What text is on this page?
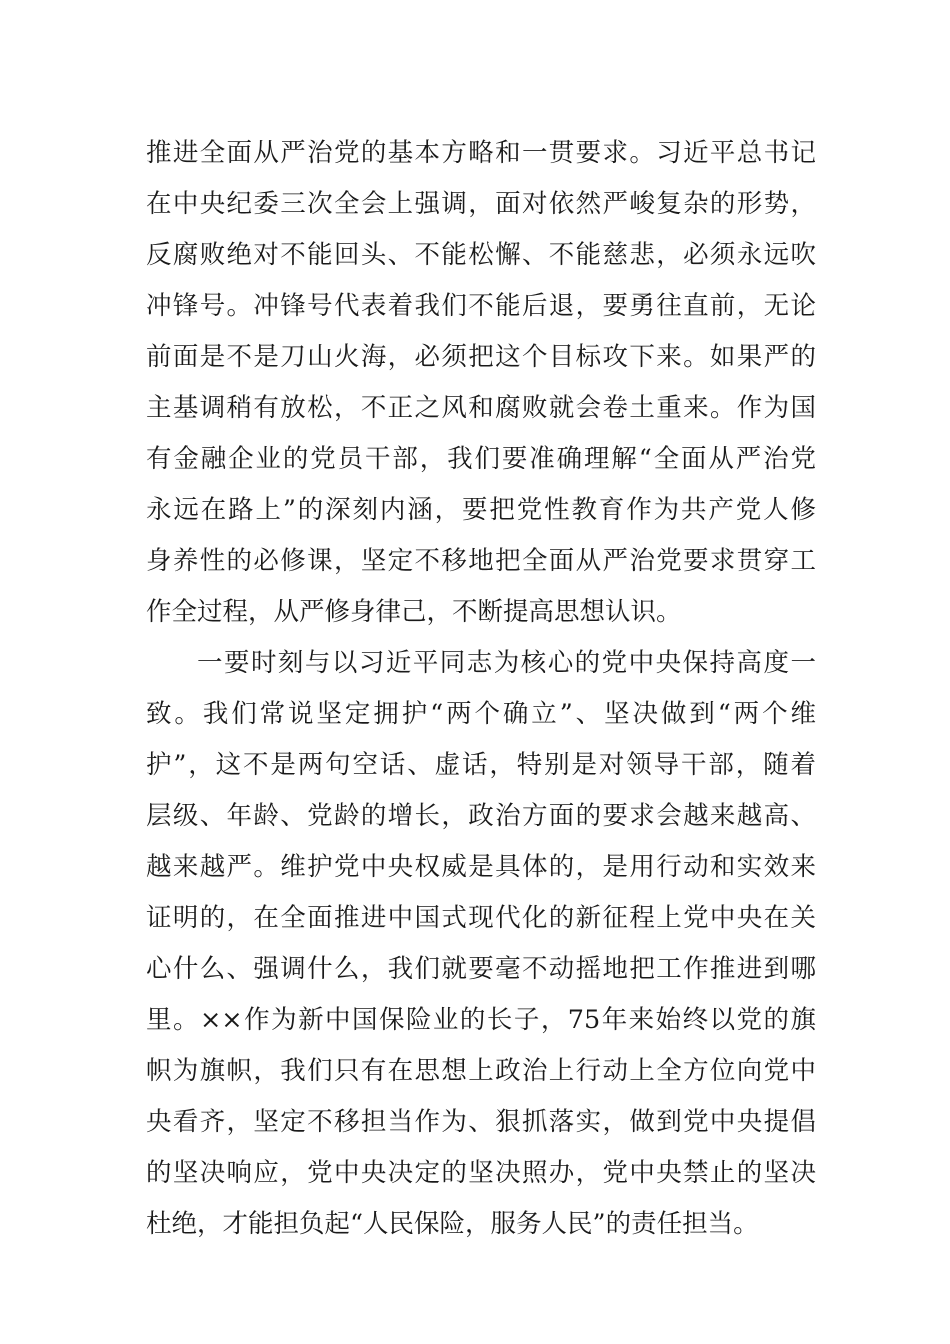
推进全面从严治党的基本方略和一贯要求。习近平总书记
在中央纪委三次全会上强调，面对依然严峻复杂的形势，
反腐败绝对不能回头、不能松懈、不能慈悲，必须永远吹
冲锋号。冲锋号代表着我们不能后退，要勇往直前，无论
前面是不是刀山火海，必须把这个目标攻下来。如果严的
主基调稍有放松，不正之风和腐败就会卷土重来。作为国
有金融企业的党员干部，我们要准确理解“全面从严治党
永远在路上”的深刻内涵，要把党性教育作为共产党人修
身养性的必修课，坚定不移地把全面从严治党要求贯穿工
作全过程，从严修身律己，不断提高思想认识。
一要时刻与以习近平同志为核心的党中央保持高度一
致。我们常说坚定拥护“两个确立”、坚决做到“两个维
护”，这不是两句空话、虚话，特别是对领导干部，随着
层级、年龄、党龄的增长，政治方面的要求会越来越高、
越来越严。维护党中央权威是具体的，是用行动和实效来
证明的，在全面推进中国式现代化的新征程上党中央在关
心什么、强调什么，我们就要毫不动摇地把工作推进到哪
里。××作为新中国保险业的长子，75年来始终以党的旗
帜为旗帜，我们只有在思想上政治上行动上全方位向党中
央看齐，坚定不移担当作为、狠抓落实，做到党中央提倡
的坚决响应，党中央决定的坚决照办，党中央禁止的坚决
杜绝，才能担负起“人民保险，服务人民”的责任担当。
